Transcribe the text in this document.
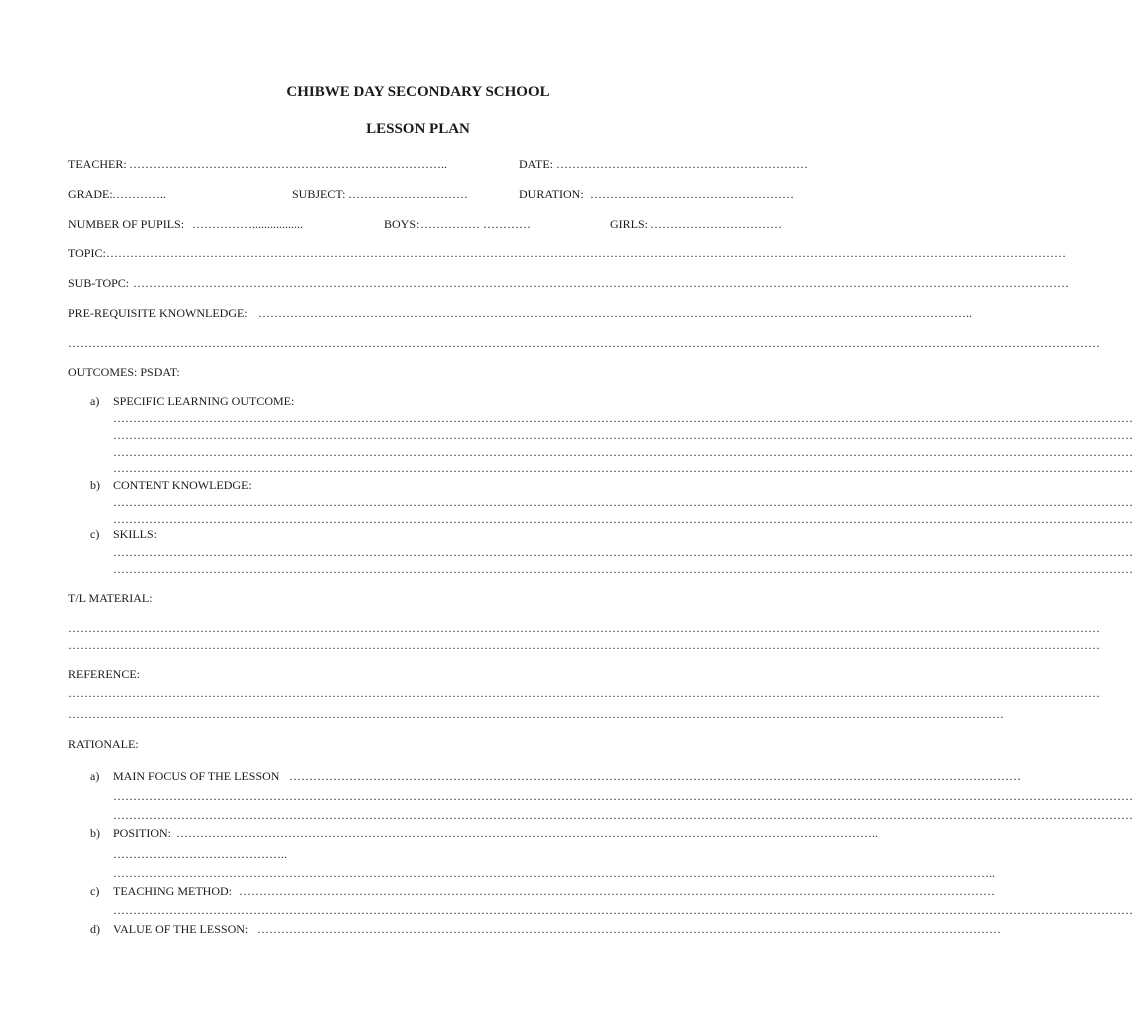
CHIBWE DAY SECONDARY SCHOOL
LESSON PLAN
TEACHER: ……………………………………………………………………..	DATE: ………………………………………………………
GRADE: …………..	SUBJECT: …………………………	DURATION: ……………………………………………
NUMBER OF PUPILS: …………….................	BOYS: …………… …………	GIRLS: ……………………………
TOPIC: ……………………………………………………………………………………………………………………………………………………………………………………………………………………
SUB-TOPC: ………………………………………………………………………………………………………………………………………………………………………………………………………………
PRE-REQUISITE KNOWNLEDGE: ……………………………………………………………………………………………………………………………………………………………..
……………………………………………………………………………………………………………………………………………………………………………………………………………………………………
OUTCOMES: PSDAT:
a) SPECIFIC LEARNING OUTCOME:
…………………………………………………………………………………………………………………………………………………………………………………………………………………………………
…………………………………………………………………………………………………………………………………………………………………………………………………………………………………
…………………………………………………………………………………………………………………………………………………………………………………………………………………………………
…………………………………………………………………………………………………………………………………………………………………………………………………………………………………
b) CONTENT KNOWLEDGE:
…………………………………………………………………………………………………………………………………………………………………………………………………………………………………
…………………………………………………………………………………………………………………………………………………………………………………………………………………………………
c) SKILLS:
…………………………………………………………………………………………………………………………………………………………………………………………………………………………………
…………………………………………………………………………………………………………………………………………………………………………………………………………………………………
T/L MATERIAL:
……………………………………………………………………………………………………………………………………………………………………………………………………………………………………
……………………………………………………………………………………………………………………………………………………………………………………………………………………………………
REFERENCE:
……………………………………………………………………………………………………………………………………………………………………………………………………………………………………
………………………………………………………………………………………………………………………………………………………………………………………………………………
RATIONALE:
a) MAIN FOCUS OF THE LESSON …………………………………………………………………………………………………………………………………………………………………
…………………………………………………………………………………………………………………………………………………………………………………………………………………………………
…………………………………………………………………………………………………………………………………………………………………………………………………………………………………
b) POSITION: …………………………………………………………………………………………………………………………………………………………..
……………………………………..
…………………………………………………………………………………………………………………………………………………………………………………………………..
c) TEACHING METHOD: ………………………………………………………………………………………………………………………………………………………………………
…………………………………………………………………………………………………………………………………………………………………………………………………………………………………
d) VALUE OF THE LESSON: ……………………………………………………………………………………………………………………………………………………………………
